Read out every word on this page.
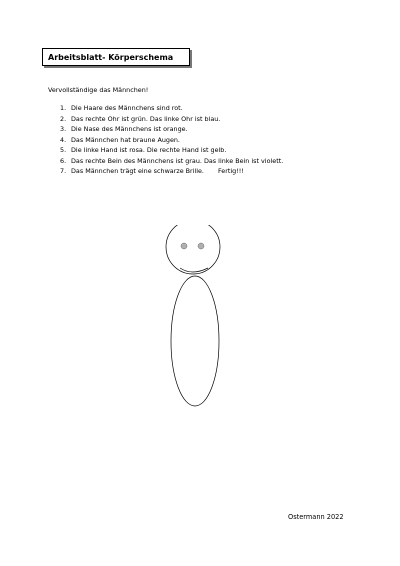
Arbeitsblatt- Körperschema
Vervollständige das Männchen!
1. Die Haare des Männchens sind rot.
2. Das rechte Ohr ist grün. Das linke Ohr ist blau.
3. Die Nase des Männchens ist orange.
4. Das Männchen hat braune Augen.
5. Die linke Hand ist rosa. Die rechte Hand ist gelb.
6. Das rechte Bein des Männchens ist grau. Das linke Bein ist violett.
7. Das Männchen trägt eine schwarze Brille. Fertig!!!
Ostermann 2022
